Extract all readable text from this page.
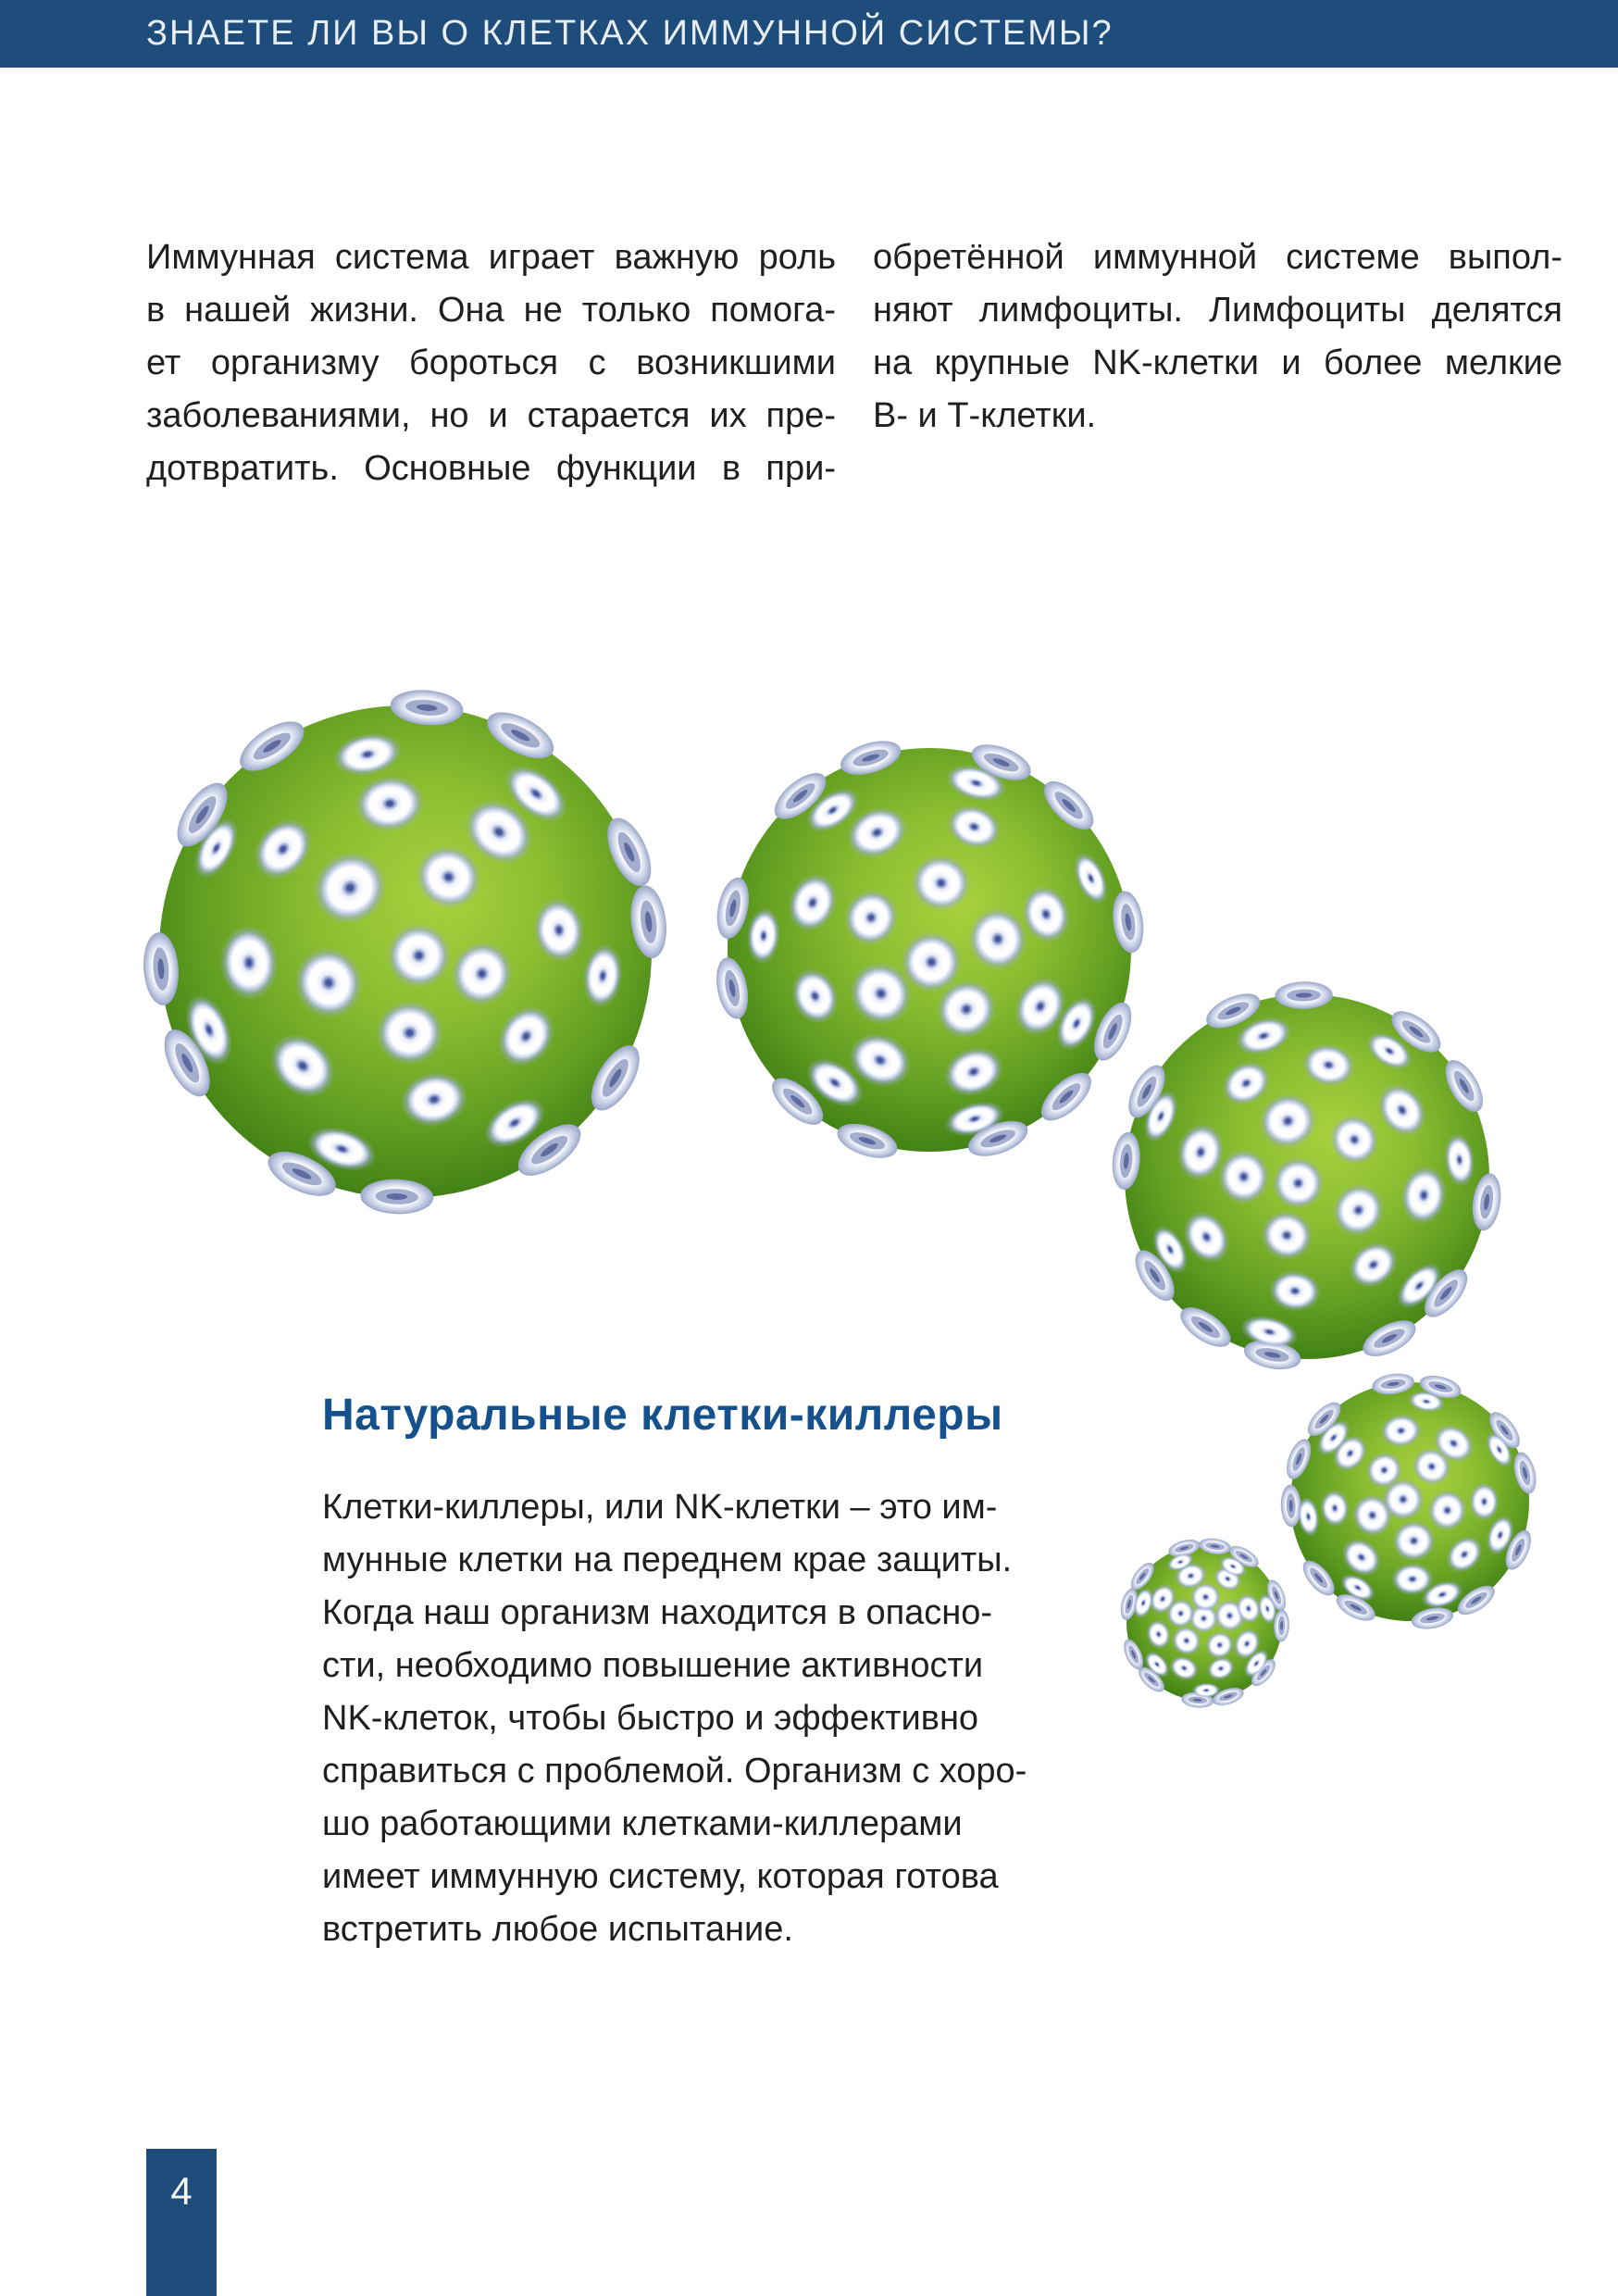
ЗНАЕТЕ ЛИ ВЫ О КЛЕТКАХ ИММУННОЙ СИСТЕМЫ?
Иммунная система играет важную роль
в нашей жизни. Она не только помога-
ет организму бороться с возникшими
заболеваниями, но и старается их пре-
дотвратить. Основные функции в при-
обретённой иммунной системе выпол-
няют лимфоциты. Лимфоциты делятся
на крупные NK-клетки и более мелкие
В- и Т-клетки.
Натуральные клетки-киллеры
Клетки-киллеры, или NK-клетки – это им-
мунные клетки на переднем крае защиты.
Когда наш организм находится в опасно-
сти, необходимо повышение активности
NK-клеток, чтобы быстро и эффективно
справиться с проблемой. Организм с хоро-
шо работающими клетками-киллерами
имеет иммунную систему, которая готова
встретить любое испытание.
4
